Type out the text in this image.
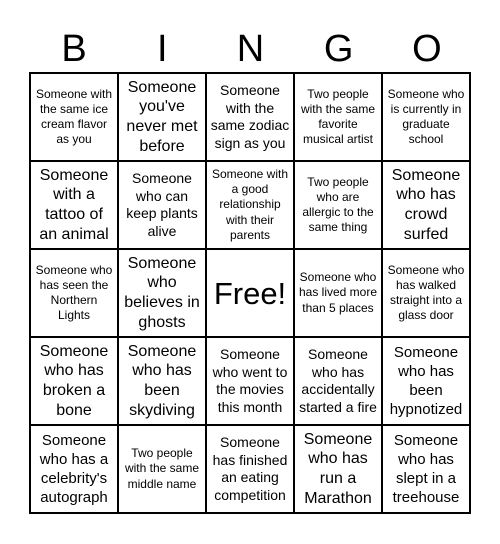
B	I	N	G	O
Someone with the same ice cream flavor as you
Someone you've never met before
Someone with the same zodiac sign as you
Two people with the same favorite musical artist
Someone who is currently in graduate school
Someone with a tattoo of an animal
Someone who can keep plants alive
Someone with a good relationship with their parents
Two people who are allergic to the same thing
Someone who has crowd surfed
Someone who has seen the Northern Lights
Someone who believes in ghosts
Free! Someone who has lived more than 5 places
Someone who has walked straight into a glass door
Someone who has broken a bone
Someone who has been skydiving
Someone who went to the movies this month
Someone who has accidentally started a fire
Someone who has been hypnotized
Someone who has a celebrity's autograph
Two people with the same middle name
Someone has finished an eating competition
Someone who has run a Marathon
Someone who has slept in a treehouse
